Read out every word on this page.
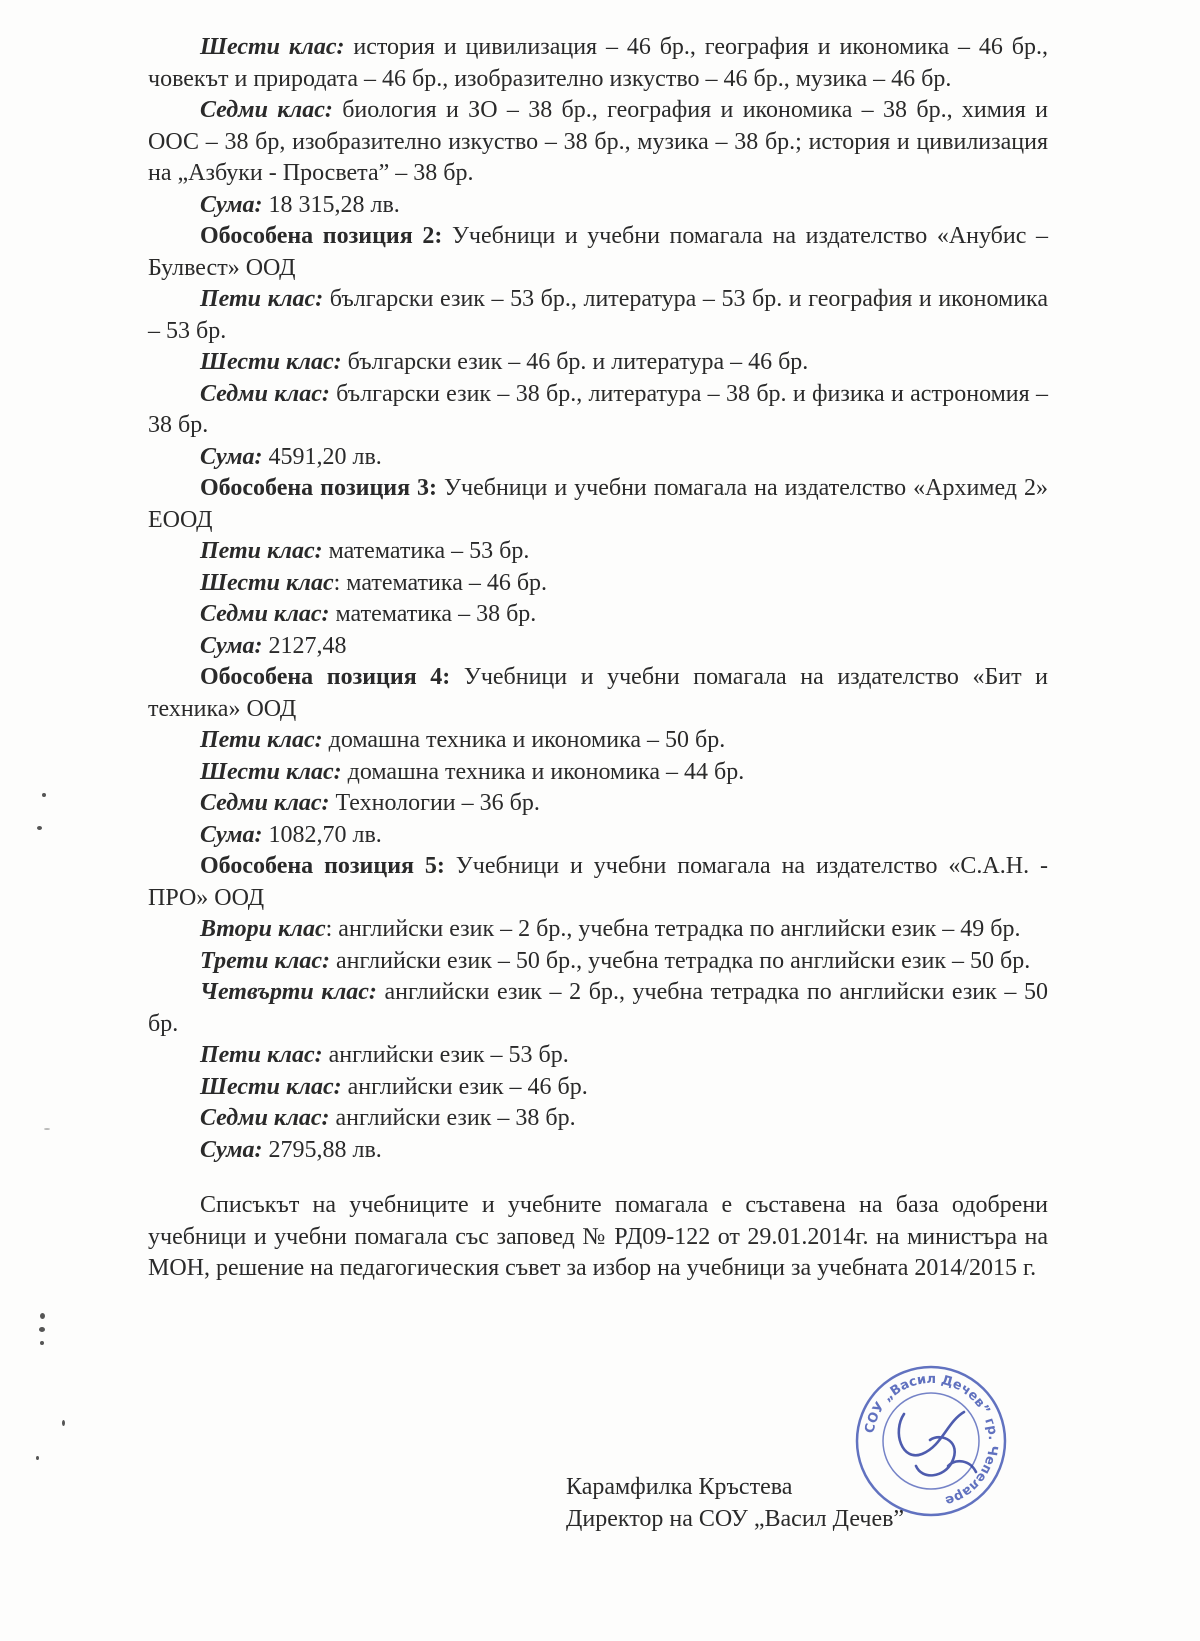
Шести клас: история и цивилизация – 46 бр., география и икономика – 46 бр., човекът и природата – 46 бр., изобразително изкуство – 46 бр., музика – 46 бр.

Седми клас: биология и ЗО – 38 бр., география и икономика – 38 бр., химия и ООС – 38 бр, изобразително изкуство – 38 бр., музика – 38 бр.; история и цивилизация на „Азбуки - Просвета” – 38 бр.

Сума: 18 315,28 лв.

Обособена позиция 2: Учебници и учебни помагала на издателство «Анубис – Булвест» ООД

Пети клас: български език – 53 бр., литература – 53 бр. и география и икономика – 53 бр.

Шести клас: български език – 46 бр. и литература – 46 бр.

Седми клас: български език – 38 бр., литература – 38 бр. и физика и астрономия – 38 бр.

Сума: 4591,20 лв.

Обособена позиция 3: Учебници и учебни помагала на издателство «Архимед 2» ЕООД

Пети клас: математика – 53 бр.

Шести клас: математика – 46 бр.

Седми клас: математика – 38 бр.

Сума: 2127,48

Обособена позиция 4: Учебници и учебни помагала на издателство «Бит и техника» ООД

Пети клас: домашна техника и икономика – 50 бр.

Шести клас: домашна техника и икономика – 44 бр.

Седми клас: Технологии – 36 бр.

Сума: 1082,70 лв.

Обособена позиция 5: Учебници и учебни помагала на издателство «С.А.Н. - ПРО» ООД

Втори клас: английски език – 2 бр., учебна тетрадка по английски език – 49 бр.

Трети клас: английски език – 50 бр., учебна тетрадка по английски език – 50 бр.

Четвърти клас: английски език – 2 бр., учебна тетрадка по английски език – 50 бр.

Пети клас: английски език – 53 бр.

Шести клас: английски език – 46 бр.

Седми клас: английски език – 38 бр.

Сума: 2795,88 лв.

Списъкът на учебниците и учебните помагала е съставена на база одобрени учебници и учебни помагала със заповед № РД09-122 от 29.01.2014г. на министъра на МОН, решение на педагогическия съвет за избор на учебници за учебната 2014/2015 г.

СОУ „Васил Дечев” гр. Чепеларе
Карамфилка Кръстева
Директор на СОУ „Васил Дечев”
